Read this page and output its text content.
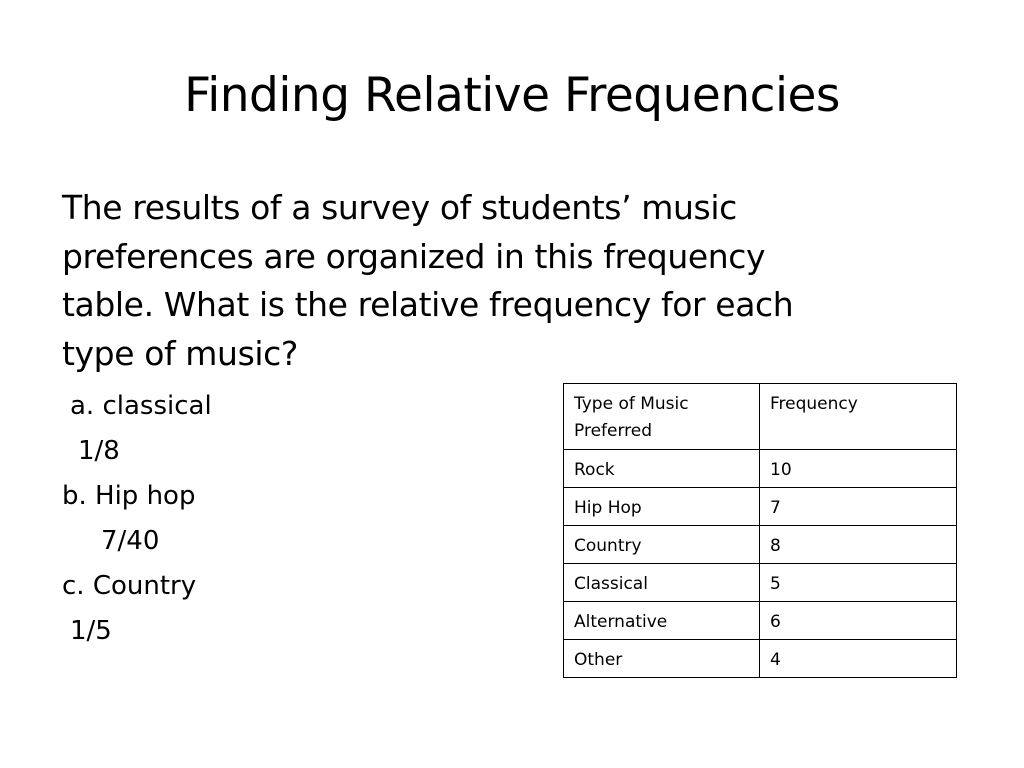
Finding Relative Frequencies

The results of a survey of students’ music
preferences are organized in this frequency
table. What is the relative frequency for each
type of music?

a. classical
1/8
b. Hip hop
7/40
c. Country
1/5
Type of Music Preferred	Frequency
Rock	10
Hip Hop	7
Country	8
Classical	5
Alternative	6
Other	4
